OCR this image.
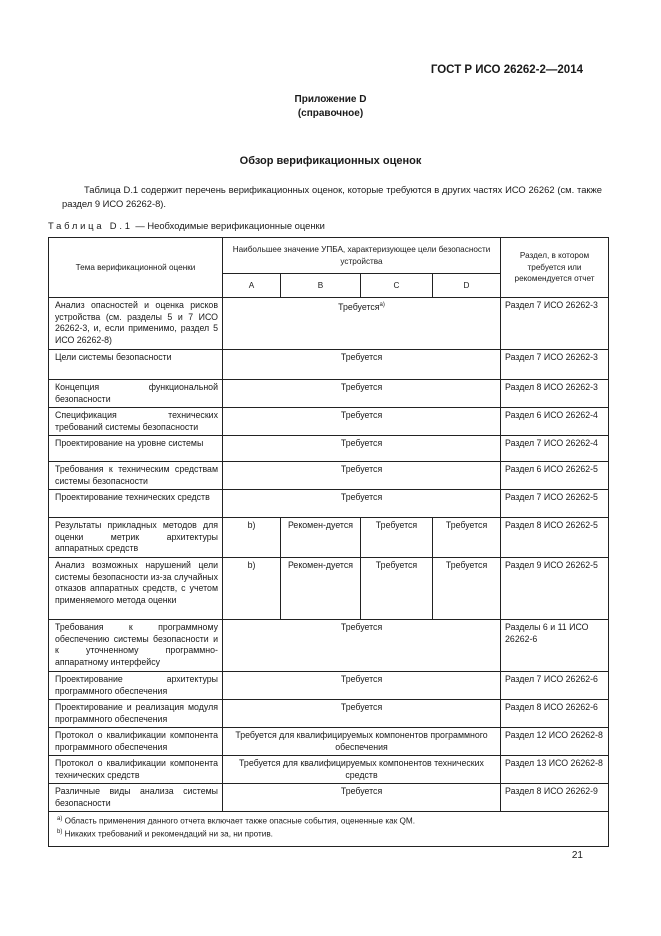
ГОСТ Р ИСО 26262-2—2014
Приложение D
(справочное)
Обзор верификационных оценок
Таблица D.1 содержит перечень верификационных оценок, которые требуются в других частях ИСО 26262 (см. также раздел 9 ИСО 26262-8).
Таблица D.1 — Необходимые верификационные оценки
Тема верификационной оценки	Наибольшее значение УПБА, характеризующее цели безопасности устройства				Раздел, в котором требуется или рекомендуется отчет
	A	B	C	D	
Анализ опасностей и оценка рисков устройства (см. разделы 5 и 7 ИСО 26262-3, и, если применимо, раздел 5 ИСО 26262-8)	Требуется$^{a)}$				Раздел 7 ИСО 26262-3
Цели системы безопасности	Требуется				Раздел 7 ИСО 26262-3
Концепция функциональной безопасности	Требуется				Раздел 8 ИСО 26262-3
Спецификация технических требований системы безопасности	Требуется				Раздел 6 ИСО 26262-4
Проектирование на уровне системы	Требуется				Раздел 7 ИСО 26262-4
Требования к техническим средствам системы безопасности	Требуется				Раздел 6 ИСО 26262-5
Проектирование технических средств	Требуется				Раздел 7 ИСО 26262-5
Результаты прикладных методов для оценки метрик архитектуры аппаратных средств	b)	Рекомен-дуется	Требуется	Требуется	Раздел 8 ИСО 26262-5
Анализ возможных нарушений цели системы безопасности из-за случайных отказов аппаратных средств, с учетом применяемого метода оценки	b)	Рекомен-дуется	Требуется	Требуется	Раздел 9 ИСО 26262-5
Требования к программному обеспечению системы безопасности и к уточненному программно-аппаратному интерфейсу	Требуется				Разделы 6 и 11 ИСО 26262-6
Проектирование архитектуры программного обеспечения	Требуется				Раздел 7 ИСО 26262-6
Проектирование и реализация модуля программного обеспечения	Требуется				Раздел 8 ИСО 26262-6
Протокол о квалификации компонента программного обеспечения	Требуется для квалифицируемых компонентов программного обеспечения				Раздел 12 ИСО 26262-8
Протокол о квалификации компонента технических средств	Требуется для квалифицируемых компонентов технических средств				Раздел 13 ИСО 26262-8
Различные виды анализа системы безопасности	Требуется				Раздел 8 ИСО 26262-9

$^{a)}$ Область применения данного отчета включает также опасные события, оцененные как QM.
$^{b)}$ Никаких требований и рекомендаций ни за, ни против.					
21
